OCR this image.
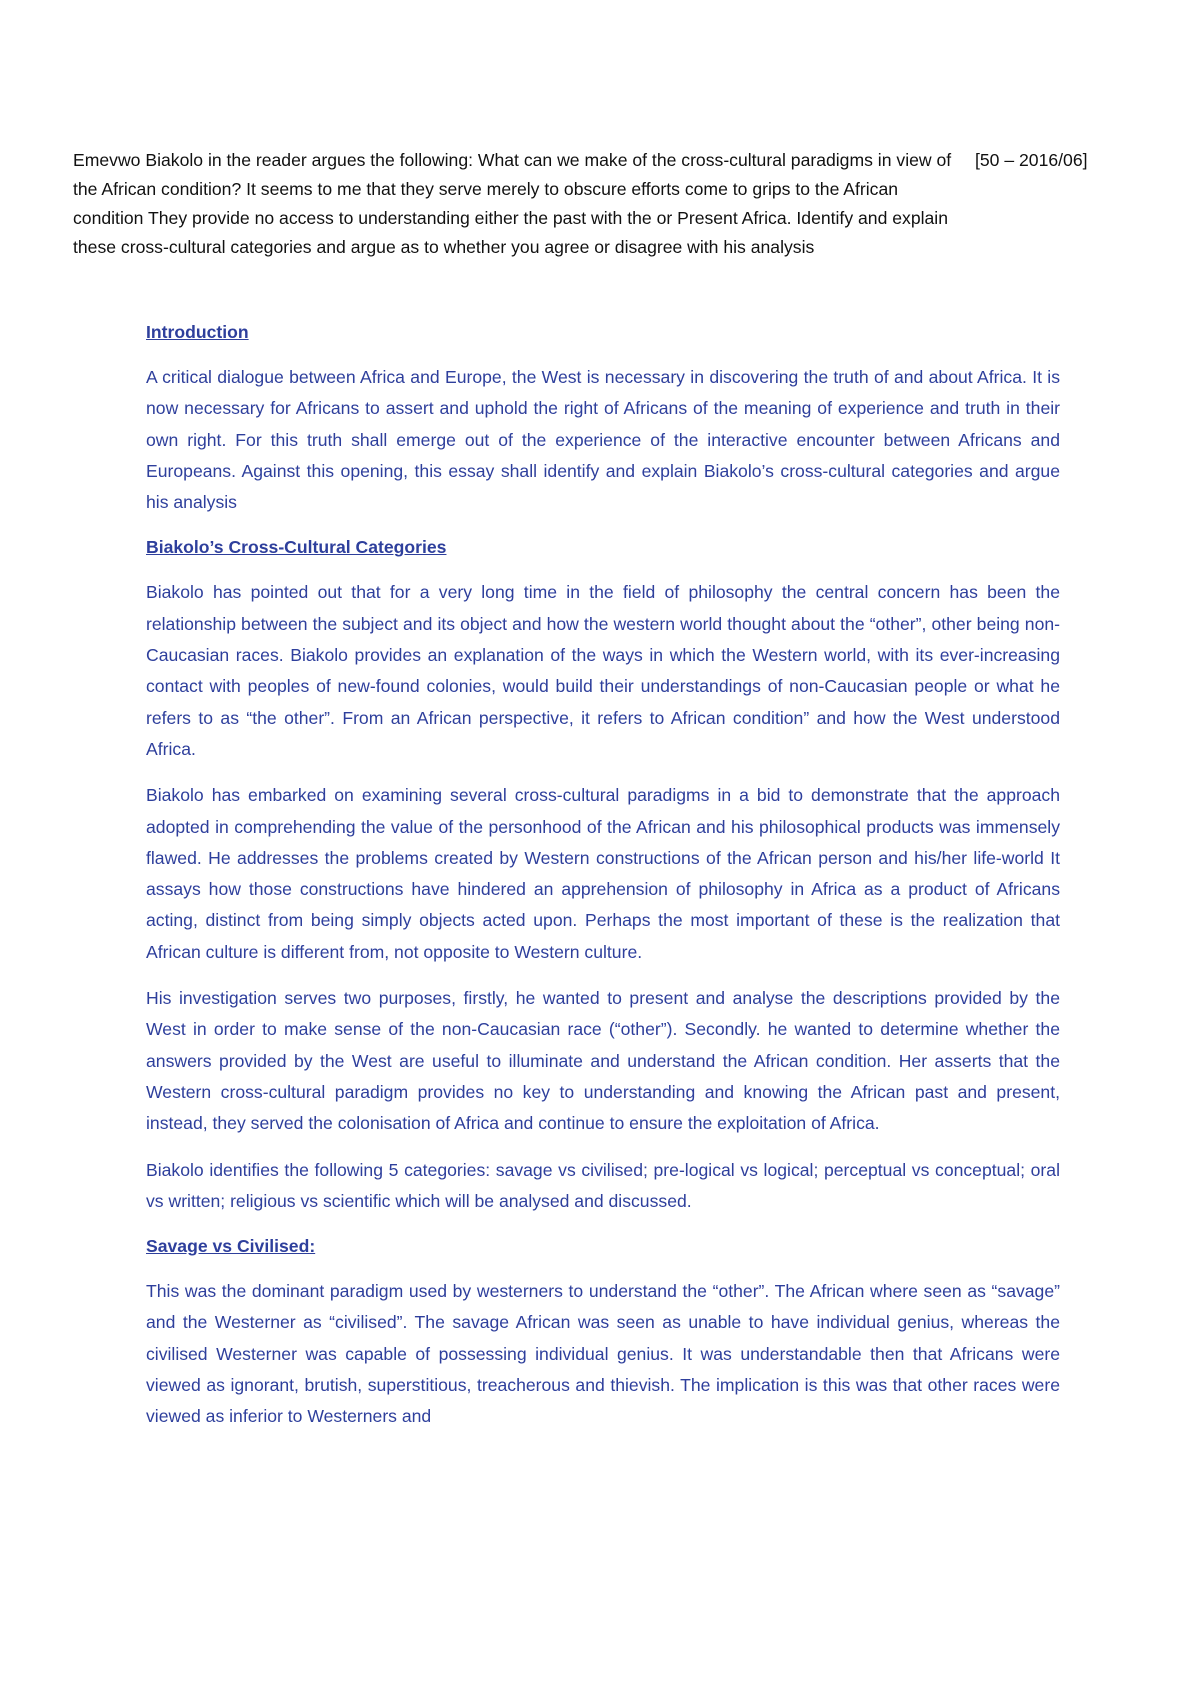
Emevwo Biakolo in the reader argues the following: What can we make of the cross-cultural paradigms in view of the African condition? It seems to me that they serve merely to obscure efforts come to grips to the African condition They provide no access to understanding either the past with the or Present Africa. Identify and explain these cross-cultural categories and argue as to whether you agree or disagree with his analysis

[50 – 2016/06]
Introduction

A critical dialogue between Africa and Europe, the West is necessary in discovering the truth of and about Africa. It is now necessary for Africans to assert and uphold the right of Africans of the meaning of experience and truth in their own right. For this truth shall emerge out of the experience of the interactive encounter between Africans and Europeans. Against this opening, this essay shall identify and explain Biakolo’s cross-cultural categories and argue his analysis

Biakolo’s Cross-Cultural Categories

Biakolo has pointed out that for a very long time in the field of philosophy the central concern has been the relationship between the subject and its object and how the western world thought about the “other”, other being non-Caucasian races. Biakolo provides an explanation of the ways in which the Western world, with its ever-increasing contact with peoples of new-found colonies, would build their understandings of non-Caucasian people or what he refers to as “the other”. From an African perspective, it refers to African condition” and how the West understood Africa.

Biakolo has embarked on examining several cross-cultural paradigms in a bid to demonstrate that the approach adopted in comprehending the value of the personhood of the African and his philosophical products was immensely flawed. He addresses the problems created by Western constructions of the African person and his/her life-world It assays how those constructions have hindered an apprehension of philosophy in Africa as a product of Africans acting, distinct from being simply objects acted upon. Perhaps the most important of these is the realization that African culture is different from, not opposite to Western culture.

His investigation serves two purposes, firstly, he wanted to present and analyse the descriptions provided by the West in order to make sense of the non-Caucasian race (“other”). Secondly. he wanted to determine whether the answers provided by the West are useful to illuminate and understand the African condition. Her asserts that the Western cross-cultural paradigm provides no key to understanding and knowing the African past and present, instead, they served the colonisation of Africa and continue to ensure the exploitation of Africa.

Biakolo identifies the following 5 categories: savage vs civilised; pre-logical vs logical; perceptual vs conceptual; oral vs written; religious vs scientific which will be analysed and discussed.

Savage vs Civilised:

This was the dominant paradigm used by westerners to understand the “other”. The African where seen as “savage” and the Westerner as “civilised”. The savage African was seen as unable to have individual genius, whereas the civilised Westerner was capable of possessing individual genius. It was understandable then that Africans were viewed as ignorant, brutish, superstitious, treacherous and thievish. The implication is this was that other races were viewed as inferior to Westerners and
